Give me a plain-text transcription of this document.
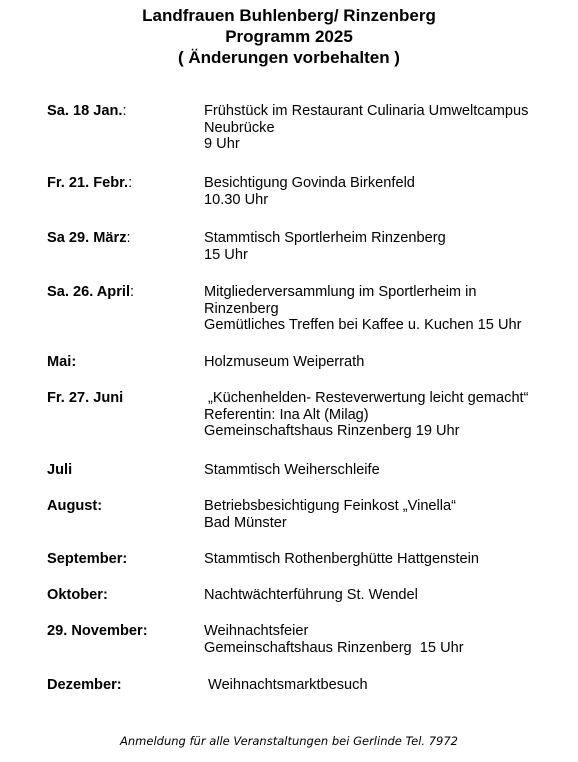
Landfrauen Buhlenberg/ Rinzenberg
Programm 2025
( Änderungen vorbehalten )
Sa. 18 Jan.:	Frühstück im Restaurant Culinaria Umweltcampus
Neubrücke
9 Uhr
Fr. 21. Febr.:	Besichtigung Govinda Birkenfeld
10.30 Uhr
Sa 29. März:	Stammtisch Sportlerheim Rinzenberg
15 Uhr
Sa. 26. April:	Mitgliederversammlung im Sportlerheim in
Rinzenberg
Gemütliches Treffen bei Kaffee u. Kuchen 15 Uhr
Mai:	Holzmuseum Weiperrath
Fr. 27. Juni	„Küchenhelden- Resteverwertung leicht gemacht“
Referentin: Ina Alt (Milag)
Gemeinschaftshaus Rinzenberg 19 Uhr
Juli	Stammtisch Weiherschleife
August:	Betriebsbesichtigung Feinkost „Vinella“
Bad Münster
September:	Stammtisch Rothenberghütte Hattgenstein
Oktober:	Nachtwächterführung St. Wendel
29. November:	Weihnachtsfeier
Gemeinschaftshaus Rinzenberg  15 Uhr
Dezember:	Weihnachtsmarktbesuch
Anmeldung für alle Veranstaltungen bei Gerlinde Tel. 7972
